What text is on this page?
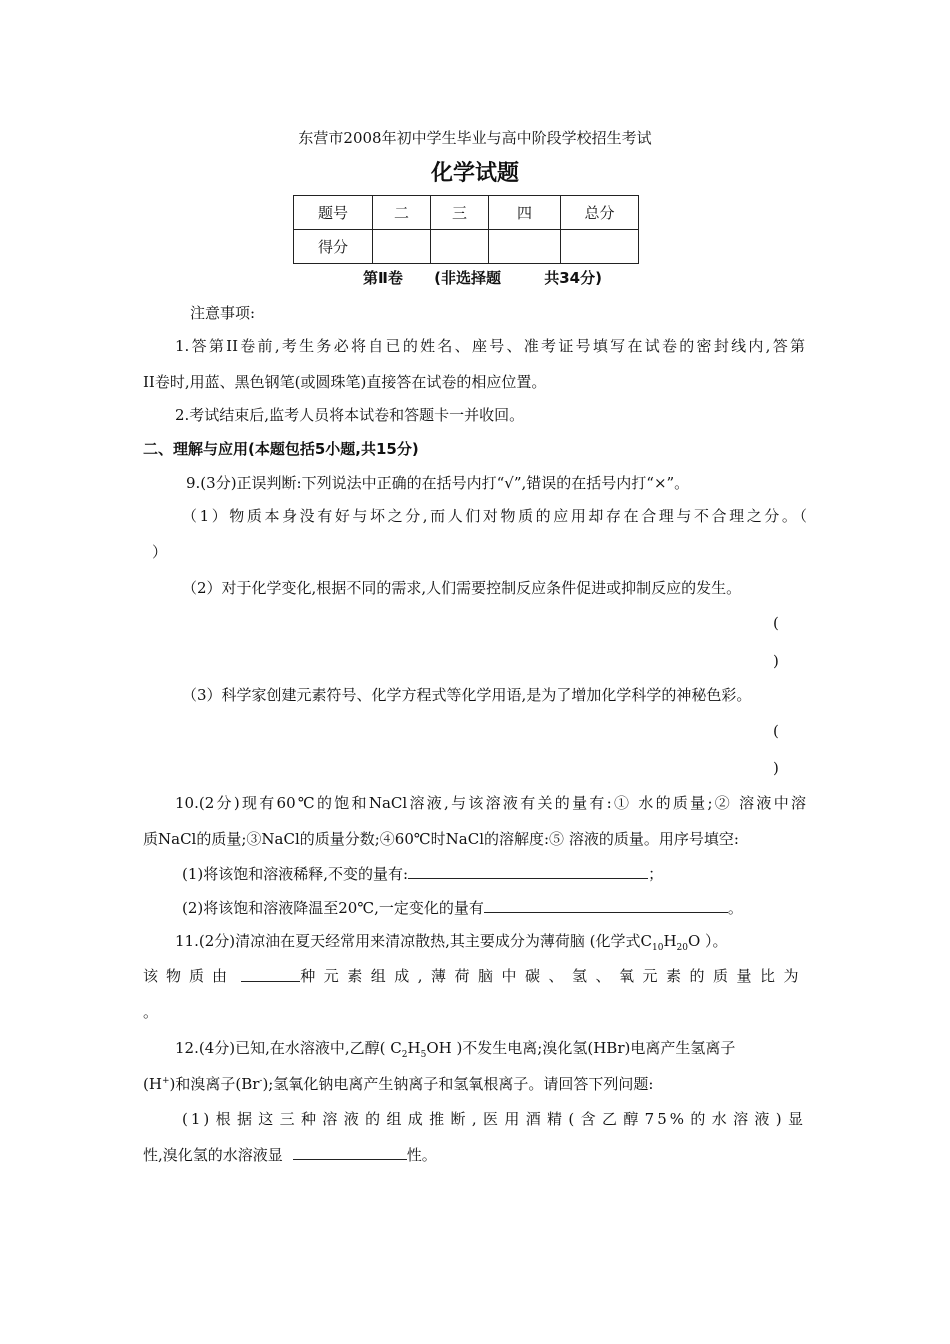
东营市2008年初中学生毕业与高中阶段学校招生考试
化学试题
题号	二	三	四	总分
得分				
第Ⅱ卷 (非选择题	共34分)
注意事项:
1.答第II卷前,考生务必将自已的姓名、座号、准考证号填写在试卷的密封线内,答第
II卷时,用蓝、黑色钢笔(或圆珠笔)直接答在试卷的相应位置。
2.考试结束后,监考人员将本试卷和答题卡一并收回。
二、理解与应用(本题包括5小题,共15分)
9.(3分)正误判断:下列说法中正确的在括号内打“√”,错误的在括号内打“×”。
（1）物质本身没有好与坏之分,而人们对物质的应用却存在合理与不合理之分。（
）
（2）对于化学变化,根据不同的需求,人们需要控制反应条件促进或抑制反应的发生。
(
)
（3）科学家创建元素符号、化学方程式等化学用语,是为了增加化学科学的神秘色彩。
(
)
10.(2分)现有60℃的饱和NaCl溶液,与该溶液有关的量有:① 水的质量;② 溶液中溶
质NaCl的质量;③NaCl的质量分数;④60℃时NaCl的溶解度:⑤ 溶液的质量。用序号填空:
(1)将该饱和溶液稀释,不变的量有:	；
(2)将该饱和溶液降温至20℃,一定变化的量有	。
11.(2分)清凉油在夏天经常用来清凉散热,其主要成分为薄荷脑 (化学式$C_{10}H_{20}O$ ）。
该物质由	种元素组成,薄荷脑中碳、氢、氧元素的质量比为
。
12.(4分)已知,在水溶液中,乙醇( $C_2H_5OH$ )不发生电离;溴化氢(HBr)电离产生氢离子
(H+)和溴离子(Br-);氢氧化钠电离产生钠离子和氢氧根离子。请回答下列问题:
(1)根据这三种溶液的组成推断,医用酒精(含乙醇75%的水溶液)显
性,溴化氢的水溶液显	性。
